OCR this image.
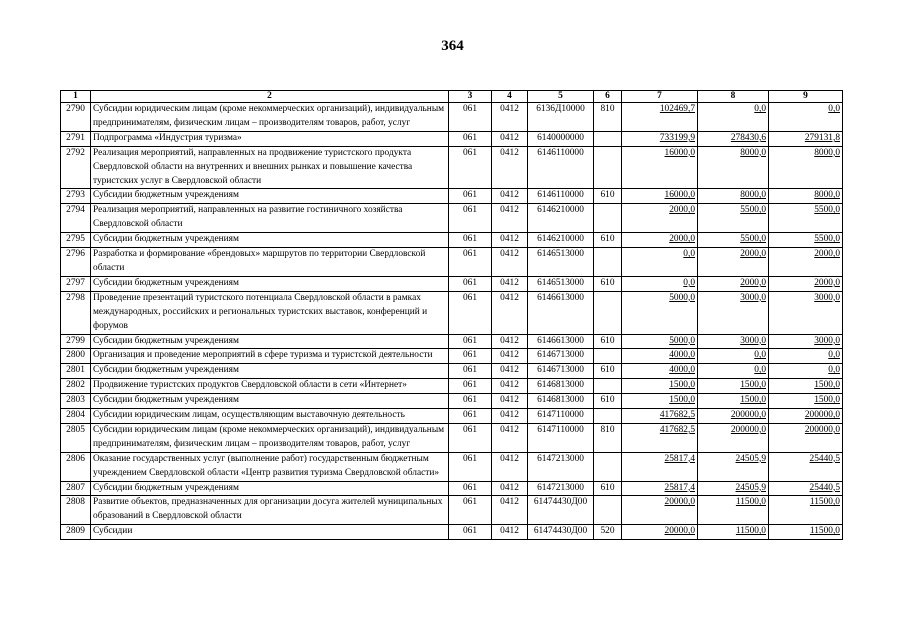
364
1	2	3	4	5	6	7	8	9
2790	Субсидии юридическим лицам (кроме некоммерческих организаций), индивидуальным предпринимателям, физическим лицам – производителям товаров, работ, услуг	061	0412	6136Д10000	810	102469,7	0,0	0,0
2791	Подпрограмма «Индустрия туризма»	061	0412	6140000000		733199,9	278430,6	279131,8
2792	Реализация мероприятий, направленных на продвижение туристского продукта Свердловской области на внутренних и внешних рынках и повышение качества туристских услуг в Свердловской области	061	0412	6146110000		16000,0	8000,0	8000,0
2793	Субсидии бюджетным учреждениям	061	0412	6146110000	610	16000,0	8000,0	8000,0
2794	Реализация мероприятий, направленных на развитие гостиничного хозяйства Свердловской области	061	0412	6146210000		2000,0	5500,0	5500,0
2795	Субсидии бюджетным учреждениям	061	0412	6146210000	610	2000,0	5500,0	5500,0
2796	Разработка и формирование «брендовых» маршрутов по территории Свердловской области	061	0412	6146513000		0,0	2000,0	2000,0
2797	Субсидии бюджетным учреждениям	061	0412	6146513000	610	0,0	2000,0	2000,0
2798	Проведение презентаций туристского потенциала Свердловской области в рамках международных, российских и региональных туристских выставок, конференций и форумов	061	0412	6146613000		5000,0	3000,0	3000,0
2799	Субсидии бюджетным учреждениям	061	0412	6146613000	610	5000,0	3000,0	3000,0
2800	Организация и проведение мероприятий в сфере туризма и туристской деятельности	061	0412	6146713000		4000,0	0,0	0,0
2801	Субсидии бюджетным учреждениям	061	0412	6146713000	610	4000,0	0,0	0,0
2802	Продвижение туристских продуктов Свердловской области в сети «Интернет»	061	0412	6146813000		1500,0	1500,0	1500,0
2803	Субсидии бюджетным учреждениям	061	0412	6146813000	610	1500,0	1500,0	1500,0
2804	Субсидии юридическим лицам, осуществляющим выставочную деятельность	061	0412	6147110000		417682,5	200000,0	200000,0
2805	Субсидии юридическим лицам (кроме некоммерческих организаций), индивидуальным предпринимателям, физическим лицам – производителям товаров, работ, услуг	061	0412	6147110000	810	417682,5	200000,0	200000,0
2806	Оказание государственных услуг (выполнение работ) государственным бюджетным учреждением Свердловской области «Центр развития туризма Свердловской области»	061	0412	6147213000		25817,4	24505,9	25440,5
2807	Субсидии бюджетным учреждениям	061	0412	6147213000	610	25817,4	24505,9	25440,5
2808	Развитие объектов, предназначенных для организации досуга жителей муниципальных образований в Свердловской области	061	0412	61474430Д00		20000,0	11500,0	11500,0
2809	Субсидии	061	0412	61474430Д00	520	20000,0	11500,0	11500,0
